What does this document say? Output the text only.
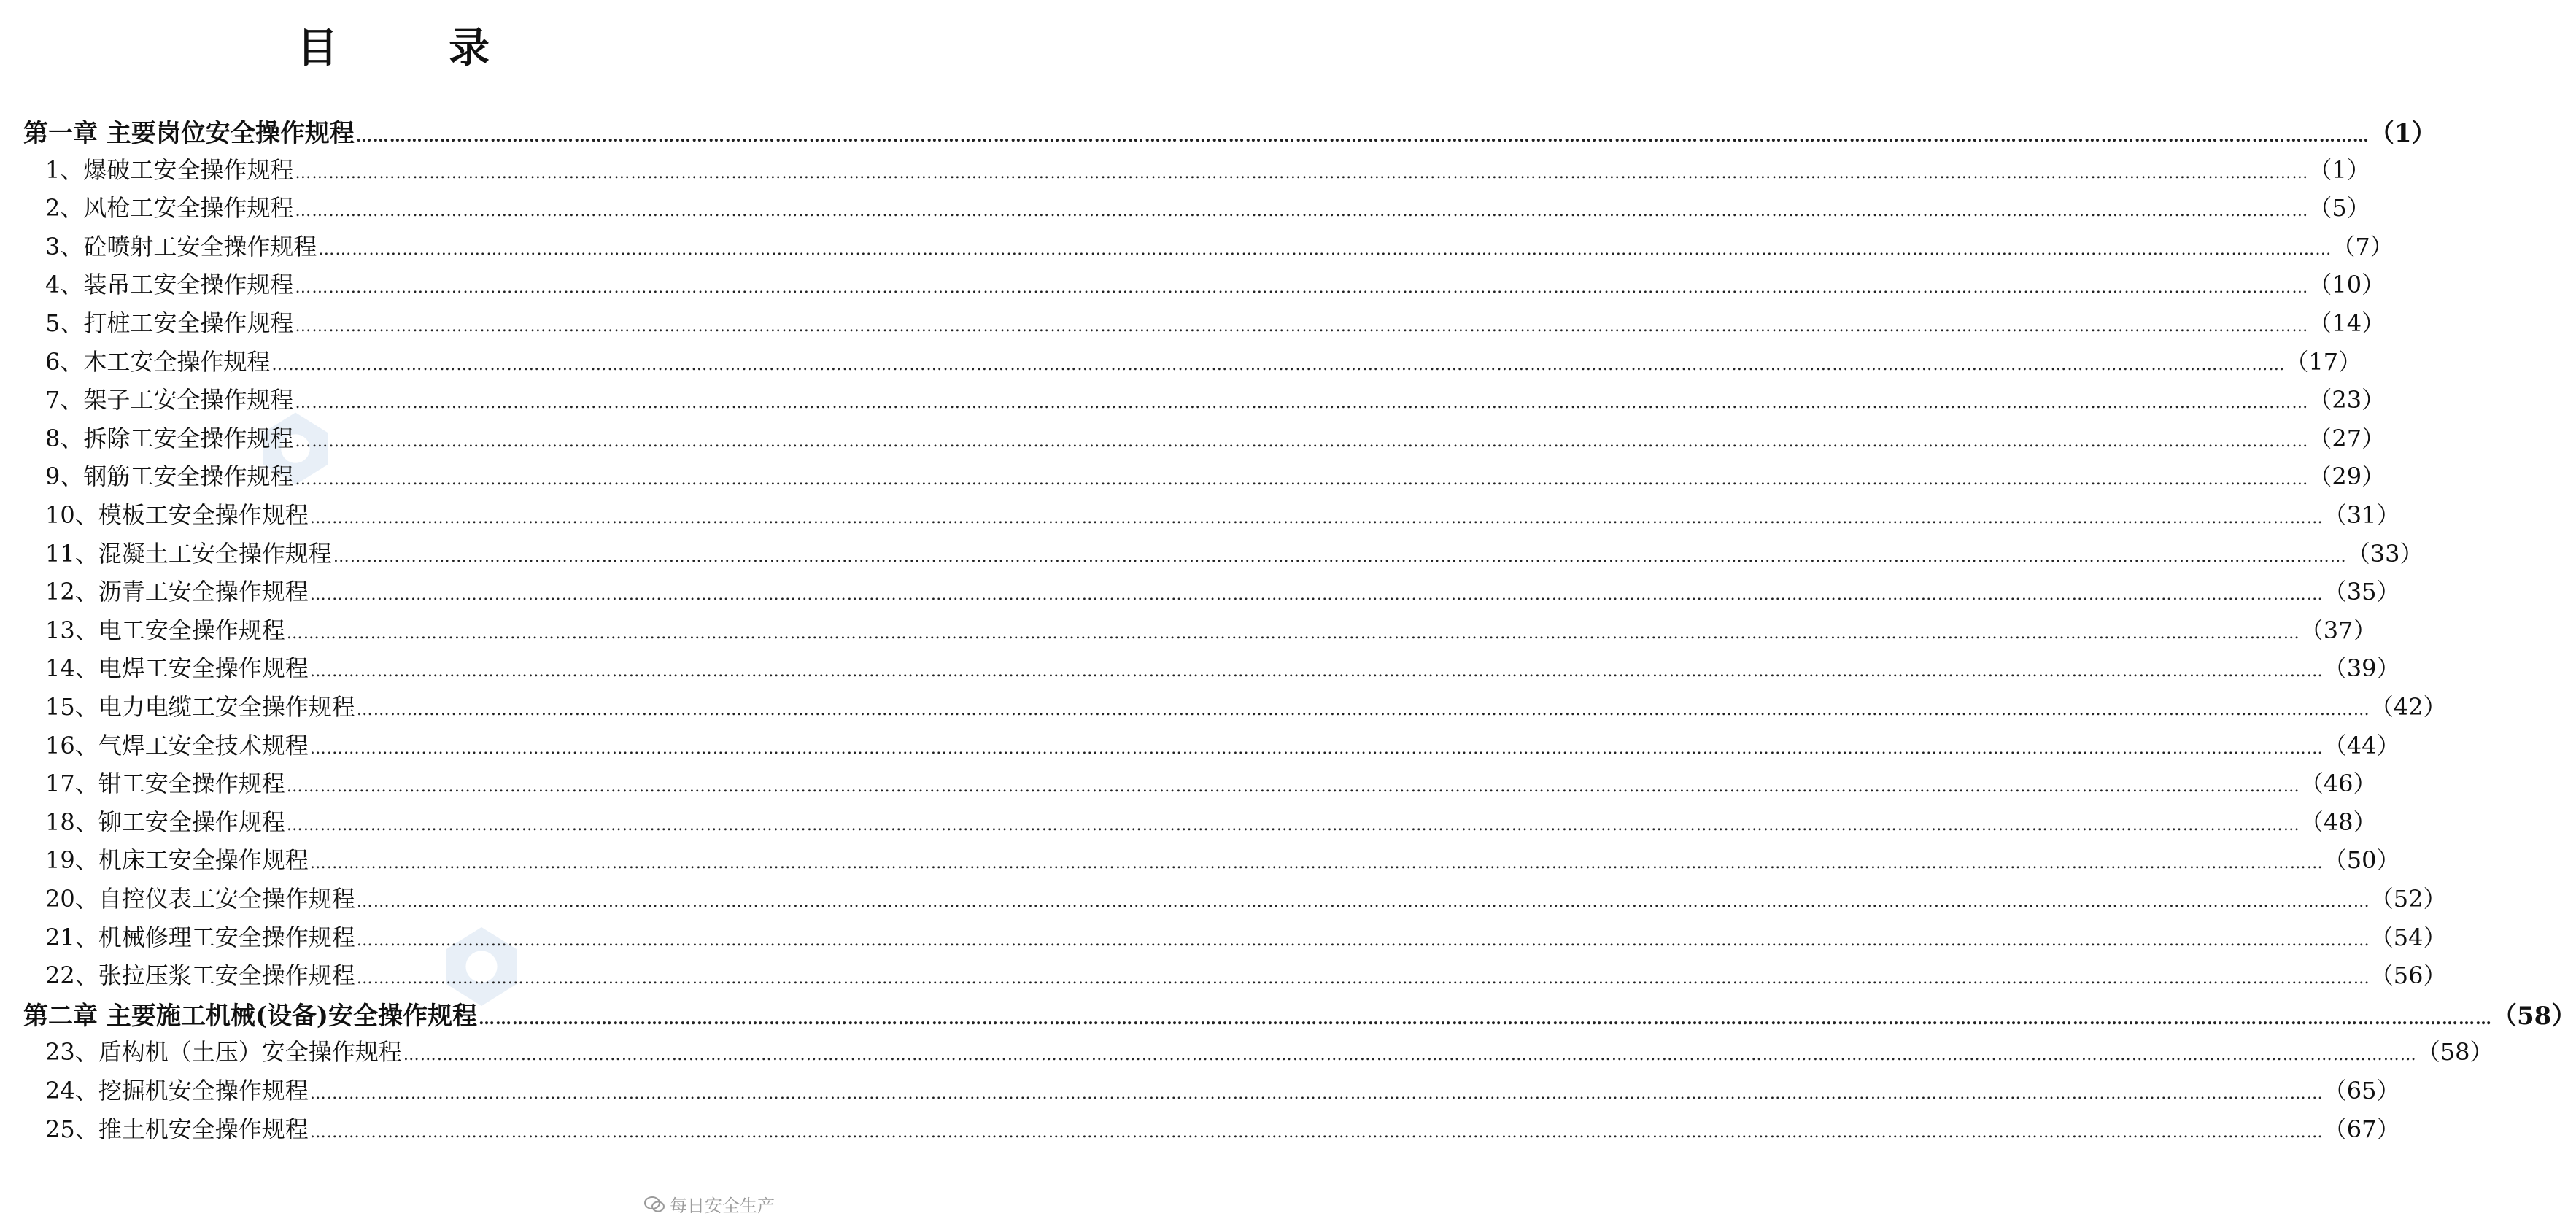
目	录
第一章 主要岗位安全操作规程 ……………………………………………………………………………………………………………………………………………………………………………………………………………………………………………………………………………………………………………………………… （1）
1、爆破工安全操作规程 ……………………………………………………………………………………………………………………………………………………………………………………………………………………………………………………………………………………………………………………………… （1）
2、风枪工安全操作规程 ……………………………………………………………………………………………………………………………………………………………………………………………………………………………………………………………………………………………………………………………… （5）
3、砼喷射工安全操作规程 ……………………………………………………………………………………………………………………………………………………………………………………………………………………………………………………………………………………………………………………………… （7）
4、装吊工安全操作规程 ……………………………………………………………………………………………………………………………………………………………………………………………………………………………………………………………………………………………………………………………… （10）
5、打桩工安全操作规程 ……………………………………………………………………………………………………………………………………………………………………………………………………………………………………………………………………………………………………………………………… （14）
6、木工安全操作规程 ……………………………………………………………………………………………………………………………………………………………………………………………………………………………………………………………………………………………………………………………… （17）
7、架子工安全操作规程 ……………………………………………………………………………………………………………………………………………………………………………………………………………………………………………………………………………………………………………………………… （23）
8、拆除工安全操作规程 ……………………………………………………………………………………………………………………………………………………………………………………………………………………………………………………………………………………………………………………………… （27）
9、钢筋工安全操作规程 ……………………………………………………………………………………………………………………………………………………………………………………………………………………………………………………………………………………………………………………………… （29）
10、模板工安全操作规程 ……………………………………………………………………………………………………………………………………………………………………………………………………………………………………………………………………………………………………………………………… （31）
11、混凝土工安全操作规程 ……………………………………………………………………………………………………………………………………………………………………………………………………………………………………………………………………………………………………………………………… （33）
12、沥青工安全操作规程 ……………………………………………………………………………………………………………………………………………………………………………………………………………………………………………………………………………………………………………………………… （35）
13、电工安全操作规程 ……………………………………………………………………………………………………………………………………………………………………………………………………………………………………………………………………………………………………………………………… （37）
14、电焊工安全操作规程 ……………………………………………………………………………………………………………………………………………………………………………………………………………………………………………………………………………………………………………………………… （39）
15、电力电缆工安全操作规程 ……………………………………………………………………………………………………………………………………………………………………………………………………………………………………………………………………………………………………………………………… （42）
16、气焊工安全技术规程 ……………………………………………………………………………………………………………………………………………………………………………………………………………………………………………………………………………………………………………………………… （44）
17、钳工安全操作规程 ……………………………………………………………………………………………………………………………………………………………………………………………………………………………………………………………………………………………………………………………… （46）
18、铆工安全操作规程 ……………………………………………………………………………………………………………………………………………………………………………………………………………………………………………………………………………………………………………………………… （48）
19、机床工安全操作规程 ……………………………………………………………………………………………………………………………………………………………………………………………………………………………………………………………………………………………………………………………… （50）
20、自控仪表工安全操作规程 ……………………………………………………………………………………………………………………………………………………………………………………………………………………………………………………………………………………………………………………………… （52）
21、机械修理工安全操作规程 ……………………………………………………………………………………………………………………………………………………………………………………………………………………………………………………………………………………………………………………………… （54）
22、张拉压浆工安全操作规程 ……………………………………………………………………………………………………………………………………………………………………………………………………………………………………………………………………………………………………………………………… （56）
第二章 主要施工机械(设备)安全操作规程 ……………………………………………………………………………………………………………………………………………………………………………………………………………………………………………………………………………………………………………………………… （58）
23、盾构机（土压）安全操作规程 ……………………………………………………………………………………………………………………………………………………………………………………………………………………………………………………………………………………………………………………………… （58）
24、挖掘机安全操作规程 ……………………………………………………………………………………………………………………………………………………………………………………………………………………………………………………………………………………………………………………………… （65）
25、推土机安全操作规程 ……………………………………………………………………………………………………………………………………………………………………………………………………………………………………………………………………………………………………………………………… （67）
每日安全生产
